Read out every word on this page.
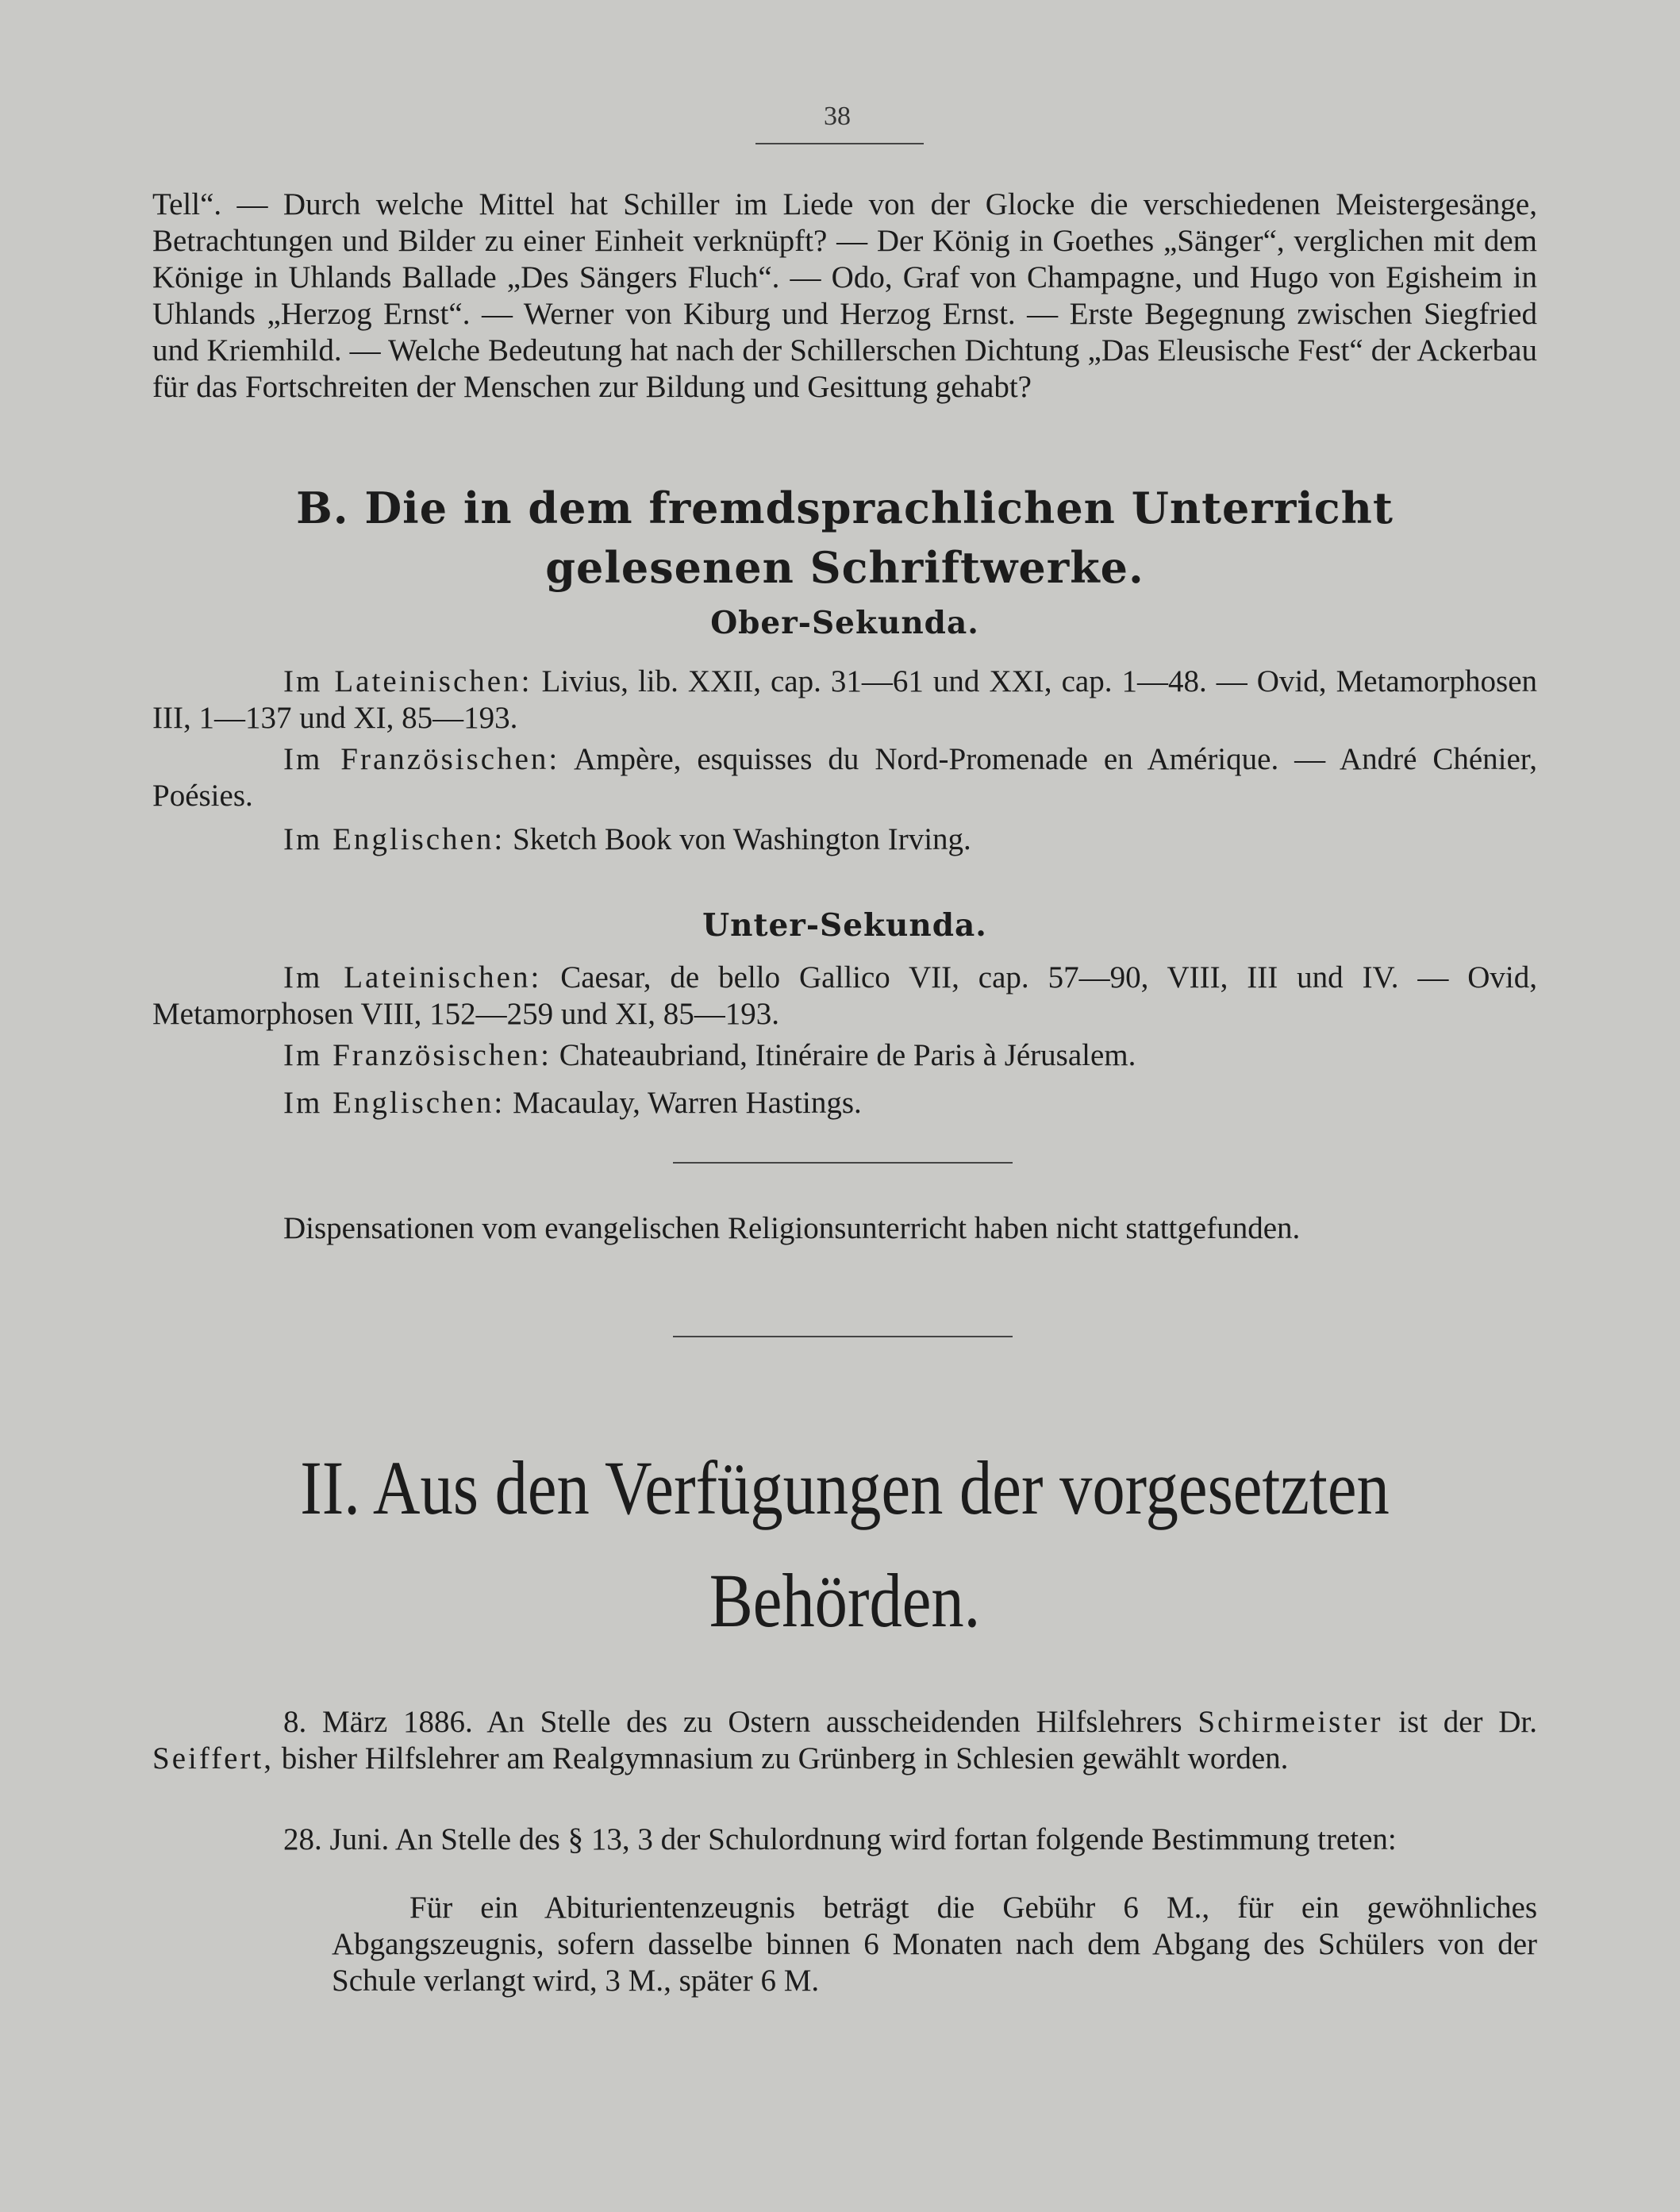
38

Tell“. — Durch welche Mittel hat Schiller im Liede von der Glocke die verschiedenen Meistergesänge, Betrachtungen und Bilder zu einer Einheit verknüpft? — Der König in Goethes „Sänger“, verglichen mit dem Könige in Uhlands Ballade „Des Sängers Fluch“. — Odo, Graf von Champagne, und Hugo von Egisheim in Uhlands „Herzog Ernst“. — Werner von Kiburg und Herzog Ernst. — Erste Begegnung zwischen Siegfried und Kriemhild. — Welche Bedeutung hat nach der Schillerschen Dichtung „Das Eleusische Fest“ der Ackerbau für das Fortschreiten der Menschen zur Bildung und Gesittung gehabt?

B. Die in dem fremdsprachlichen Unterricht
gelesenen Schriftwerke.
Ober-Sekunda.

Im Lateinischen: Livius, lib. XXII, cap. 31—61 und XXI, cap. 1—48. — Ovid, Metamorphosen III, 1—137 und XI, 85—193.

Im Französischen: Ampère, esquisses du Nord-Promenade en Amérique. — André Chénier, Poésies.

Im Englischen: Sketch Book von Washington Irving.
Unter-Sekunda.

Im Lateinischen: Caesar, de bello Gallico VII, cap. 57—90, VIII, III und IV. — Ovid, Metamorphosen VIII, 152—259 und XI, 85—193.

Im Französischen: Chateaubriand, Itinéraire de Paris à Jérusalem.
Im Englischen: Macaulay, Warren Hastings.
Dispensationen vom evangelischen Religionsunterricht haben nicht stattgefunden.
II. Aus den Verfügungen der vorgesetzten
Behörden.

8. März 1886. An Stelle des zu Ostern ausscheidenden Hilfslehrers Schirmeister ist der Dr. Seiffert, bisher Hilfslehrer am Realgymnasium zu Grünberg in Schlesien gewählt worden.

28. Juni. An Stelle des § 13, 3 der Schulordnung wird fortan folgende Bestimmung treten:

Für ein Abiturientenzeugnis beträgt die Gebühr 6 M., für ein gewöhnliches Abgangszeugnis, sofern dasselbe binnen 6 Monaten nach dem Abgang des Schülers von der Schule verlangt wird, 3 M., später 6 M.
